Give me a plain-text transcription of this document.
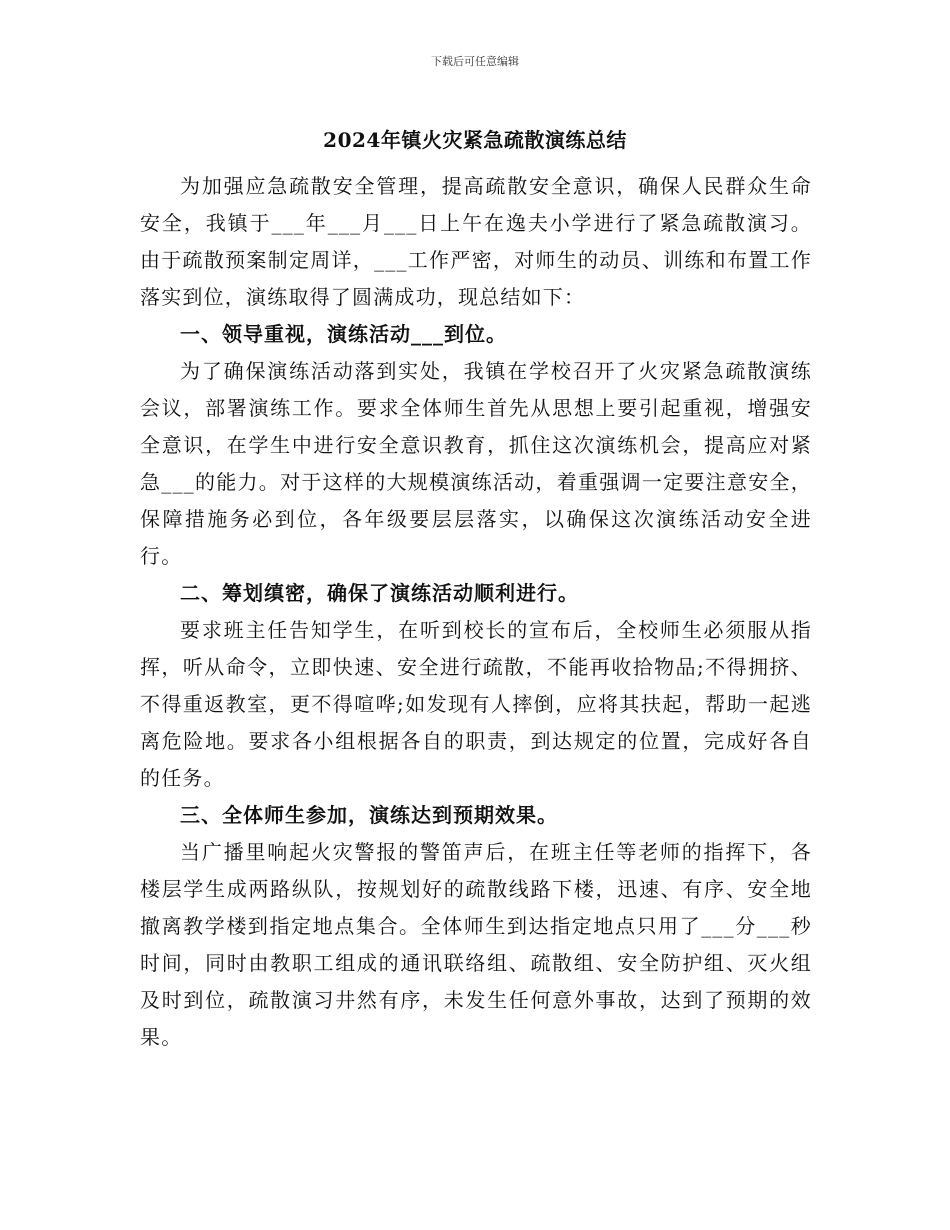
下载后可任意编辑
2024年镇火灾紧急疏散演练总结

为加强应急疏散安全管理，提高疏散安全意识，确保人民群众生命安全，我镇于___年___月___日上午在逸夫小学进行了紧急疏散演习。由于疏散预案制定周详，___工作严密，对师生的动员、训练和布置工作落实到位，演练取得了圆满成功，现总结如下：

一、领导重视，演练活动___到位。

为了确保演练活动落到实处，我镇在学校召开了火灾紧急疏散演练会议，部署演练工作。要求全体师生首先从思想上要引起重视，增强安全意识，在学生中进行安全意识教育，抓住这次演练机会，提高应对紧急___的能力。对于这样的大规模演练活动，着重强调一定要注意安全，保障措施务必到位，各年级要层层落实，以确保这次演练活动安全进行。

二、筹划缜密，确保了演练活动顺利进行。

要求班主任告知学生，在听到校长的宣布后，全校师生必须服从指挥，听从命令，立即快速、安全进行疏散，不能再收拾物品;不得拥挤、不得重返教室，更不得喧哗;如发现有人摔倒，应将其扶起，帮助一起逃离危险地。要求各小组根据各自的职责，到达规定的位置，完成好各自的任务。

三、全体师生参加，演练达到预期效果。

当广播里响起火灾警报的警笛声后，在班主任等老师的指挥下，各楼层学生成两路纵队，按规划好的疏散线路下楼，迅速、有序、安全地撤离教学楼到指定地点集合。全体师生到达指定地点只用了___分___秒时间，同时由教职工组成的通讯联络组、疏散组、安全防护组、灭火组及时到位，疏散演习井然有序，未发生任何意外事故，达到了预期的效果。
